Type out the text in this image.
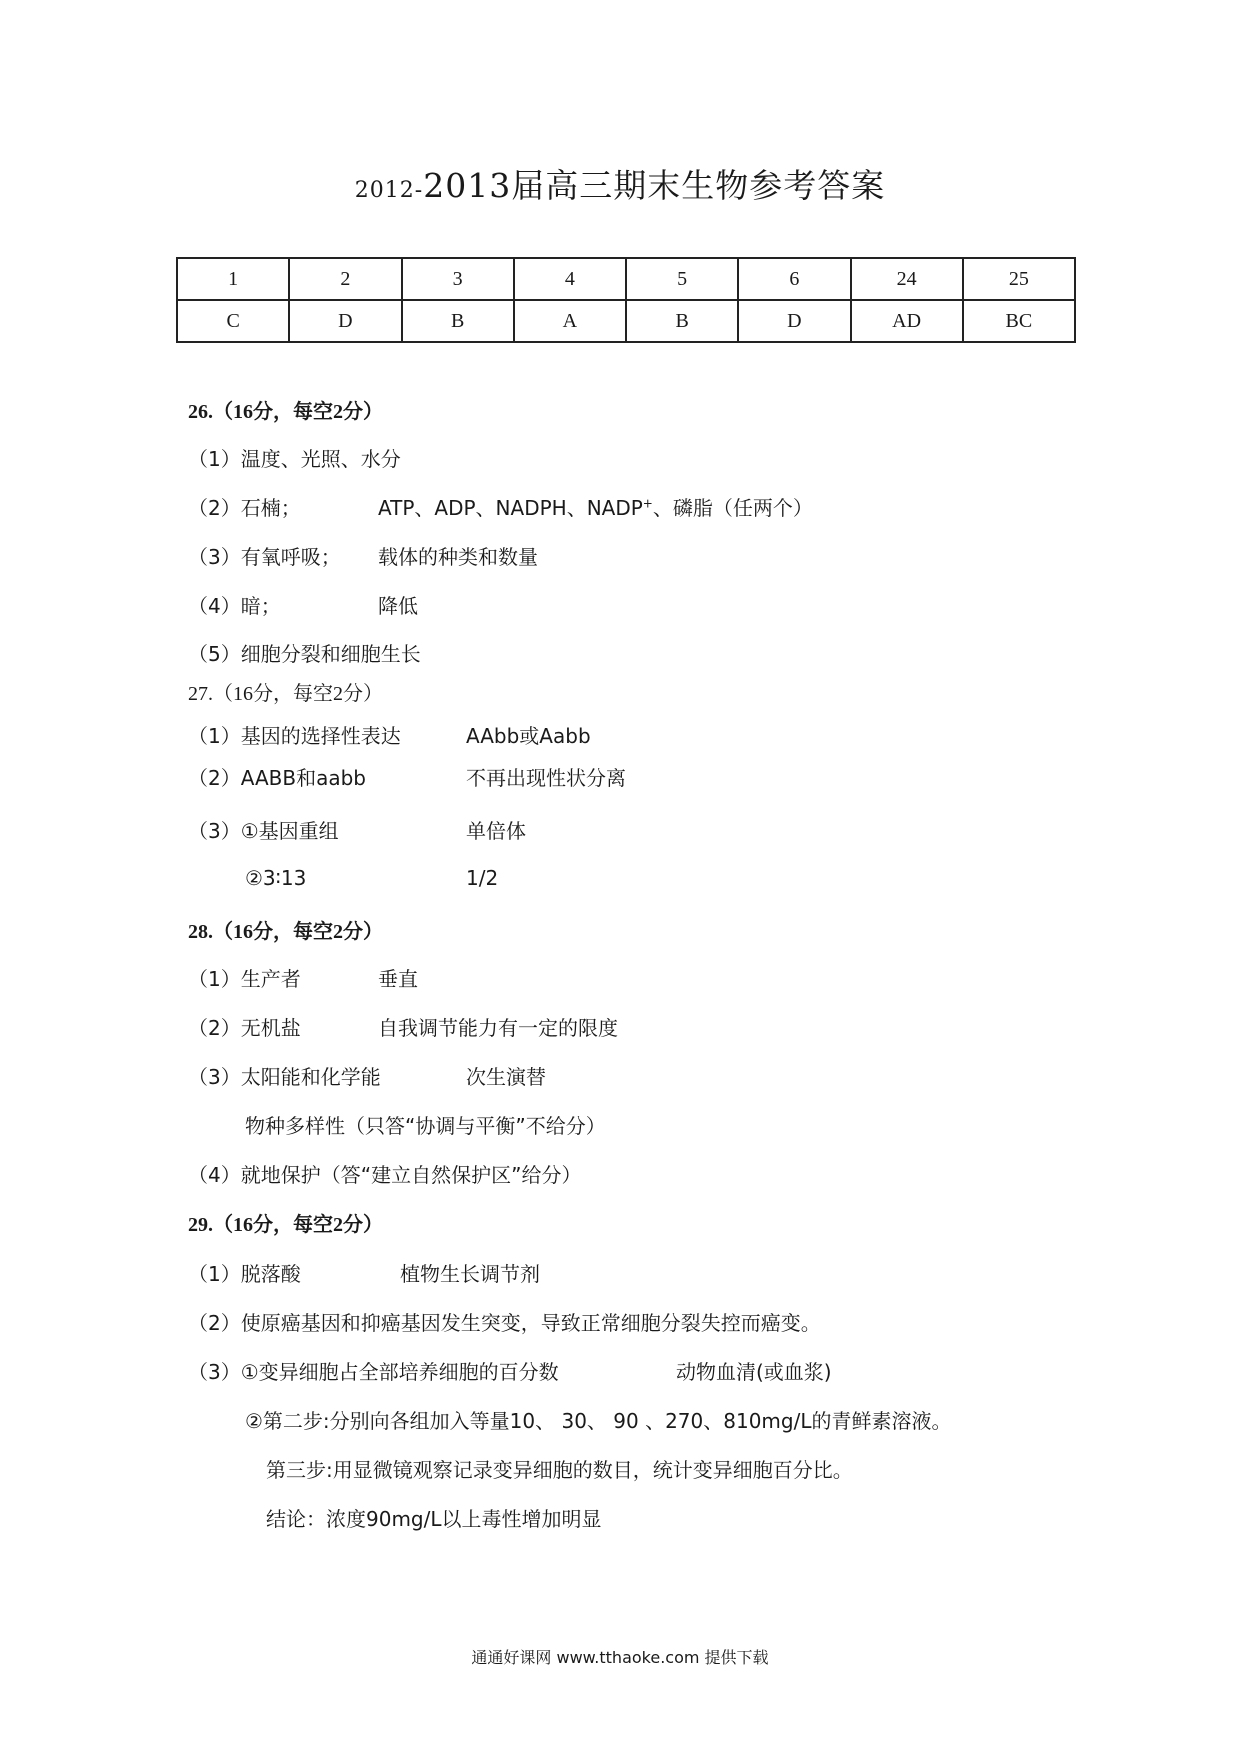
2012-2013届高三期末生物参考答案
1	2	3	4	5	6	24	25
C	D	B	A	B	D	AD	BC
26.（16分，每空2分）
（1）温度、光照、水分
（2）石楠；	ATP、ADP、NADPH、NADP+、磷脂（任两个）
（3）有氧呼吸； 载体的种类和数量
（4）暗；	降低
（5）细胞分裂和细胞生长
27.（16分，每空2分）
（1）基因的选择性表达	AAbb或Aabb
（2）AABB和aabb	不再出现性状分离
（3）①基因重组	单倍体
②3∶13	1/2
28.（16分，每空2分）
（1）生产者	垂直
（2）无机盐	自我调节能力有一定的限度
（3）太阳能和化学能	次生演替
物种多样性（只答“协调与平衡”不给分）
（4）就地保护（答“建立自然保护区”给分）
29.（16分，每空2分）
（1）脱落酸	植物生长调节剂
（2）使原癌基因和抑癌基因发生突变，导致正常细胞分裂失控而癌变。
（3）①变异细胞占全部培养细胞的百分数	动物血清(或血浆)
②第二步:分别向各组加入等量10、 30、 90 、270、810mg/L的青鲜素溶液。
第三步:用显微镜观察记录变异细胞的数目，统计变异细胞百分比。
结论：浓度90mg/L以上毒性增加明显
通通好课网 www.tthaoke.com 提供下载
